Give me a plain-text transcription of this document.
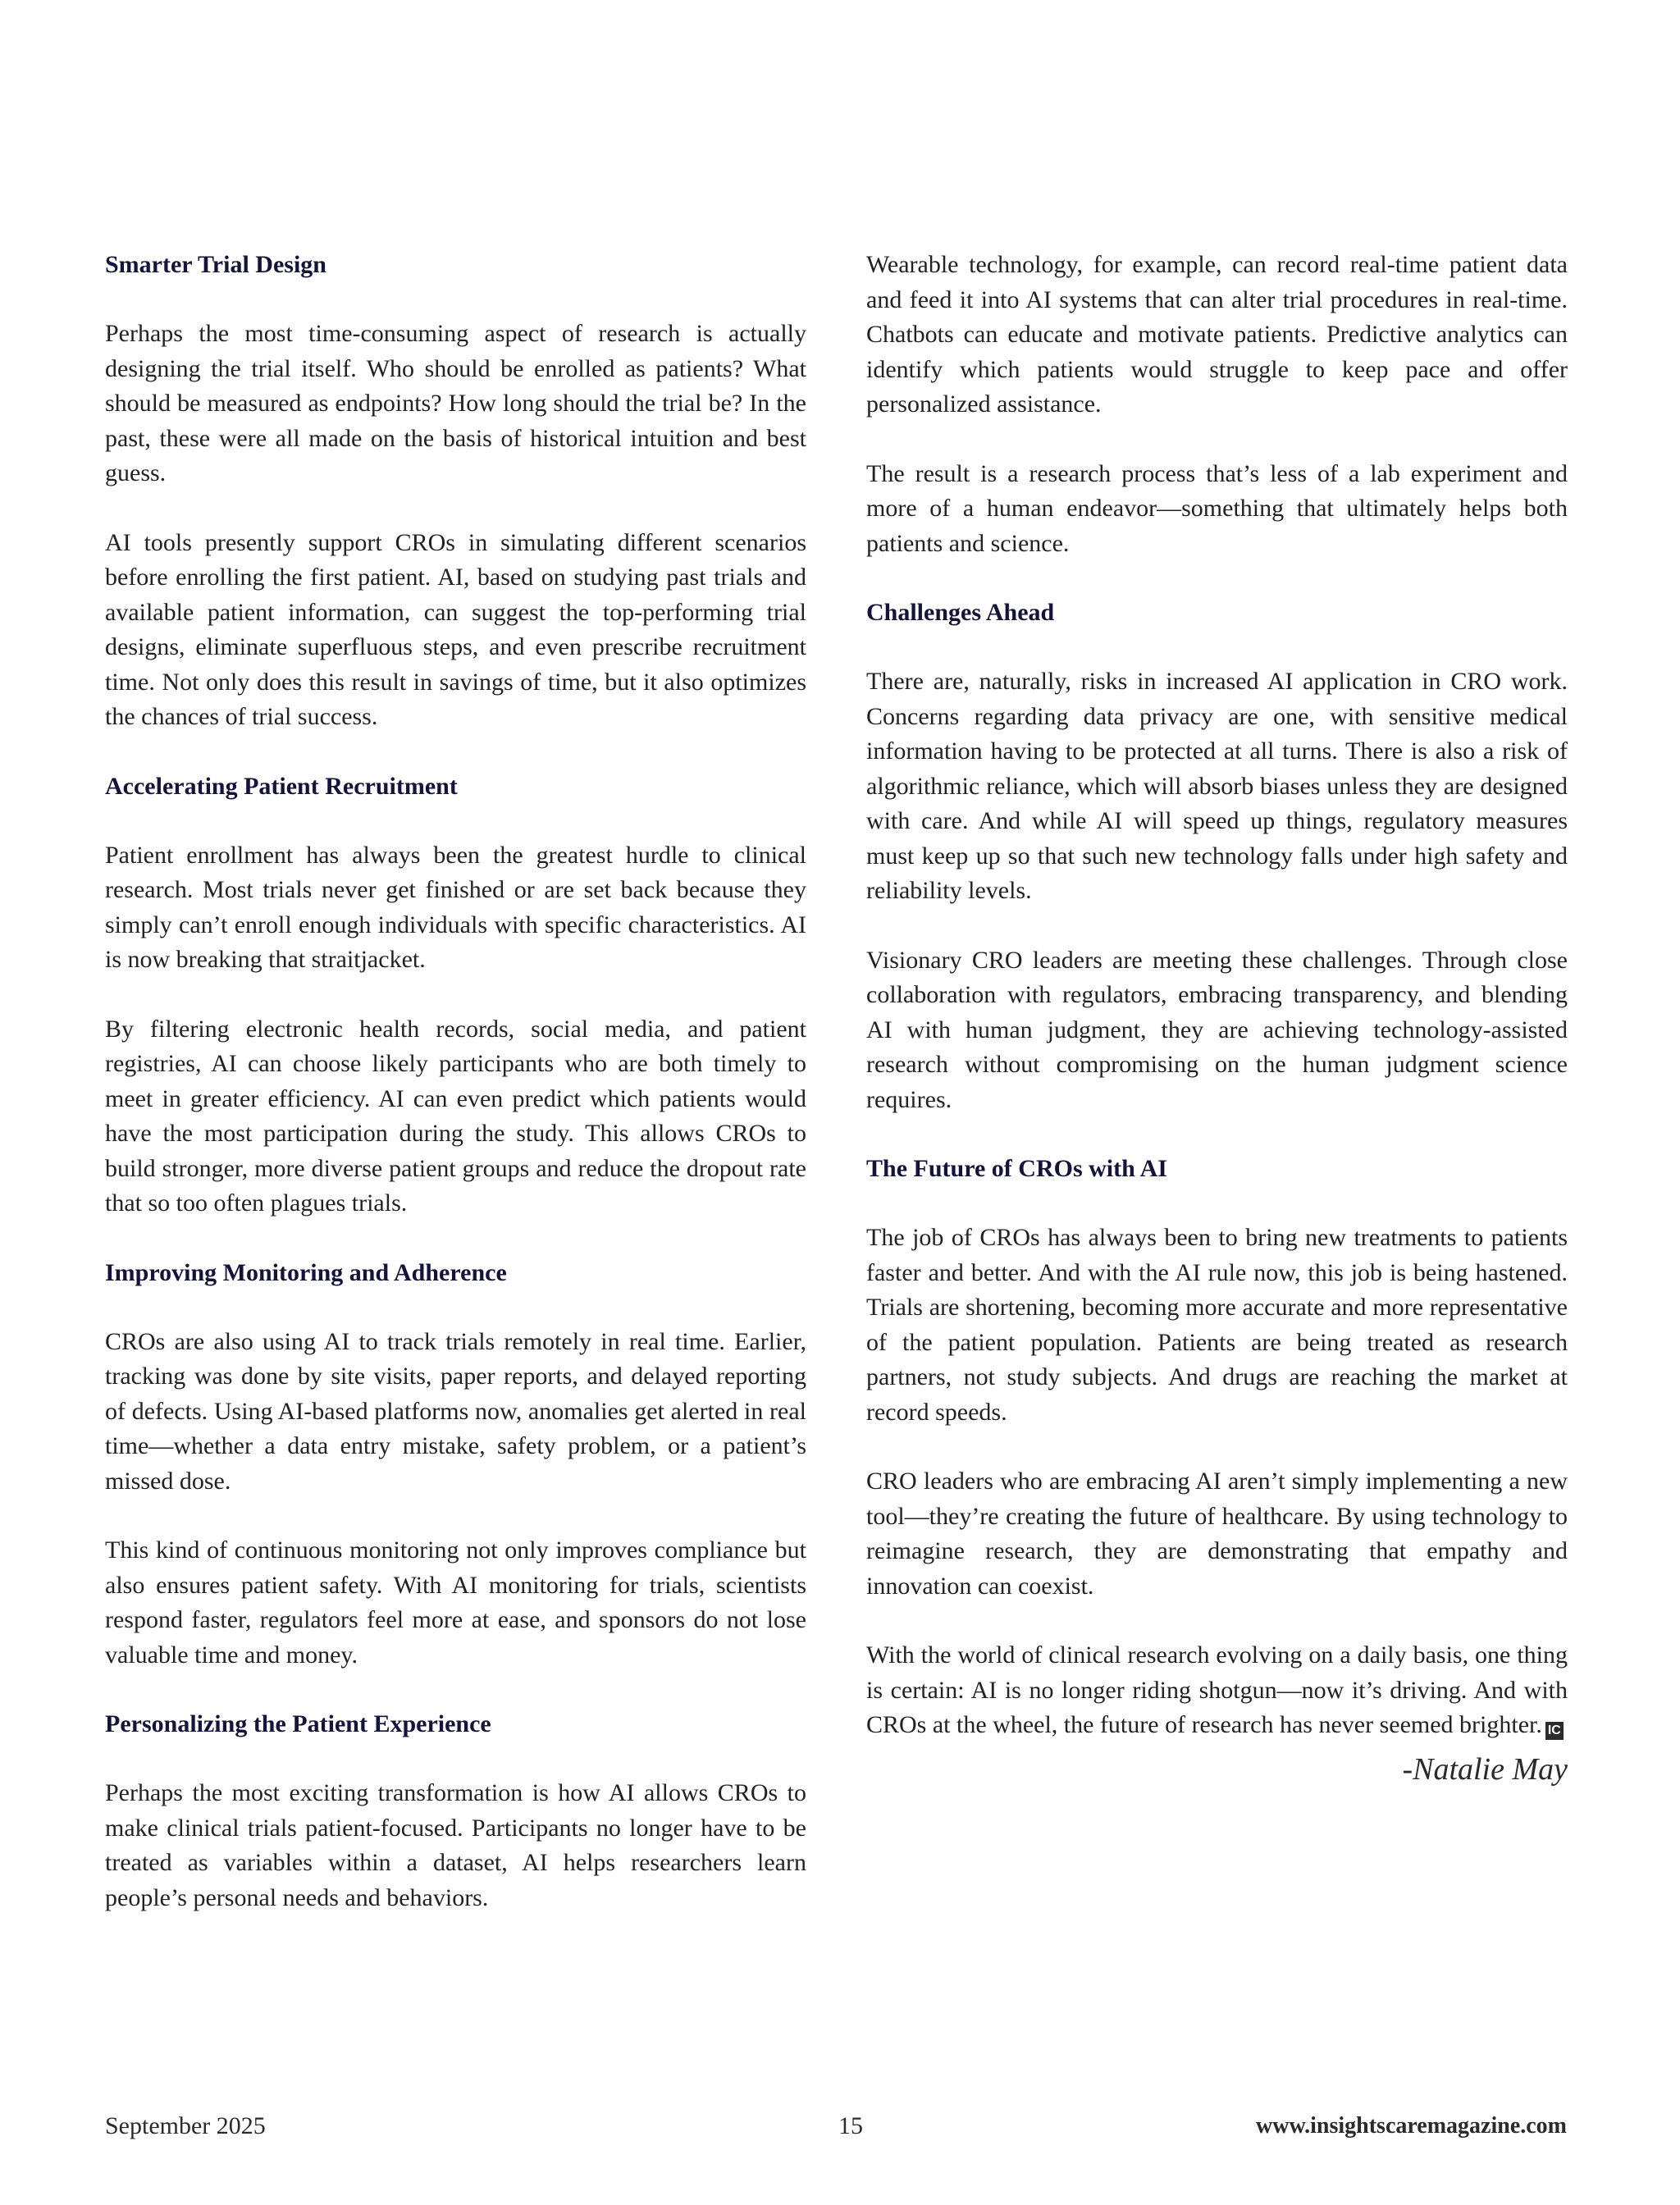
Smarter Trial Design

Perhaps the most time-consuming aspect of research is actually designing the trial itself. Who should be enrolled as patients? What should be measured as endpoints? How long should the trial be? In the past, these were all made on the basis of historical intuition and best guess.

AI tools presently support CROs in simulating different scenarios before enrolling the first patient. AI, based on studying past trials and available patient information, can suggest the top-performing trial designs, eliminate superfluous steps, and even prescribe recruitment time. Not only does this result in savings of time, but it also optimizes the chances of trial success.

Accelerating Patient Recruitment

Patient enrollment has always been the greatest hurdle to clinical research. Most trials never get finished or are set back because they simply can’t enroll enough individuals with specific characteristics. AI is now breaking that straitjacket.

By filtering electronic health records, social media, and patient registries, AI can choose likely participants who are both timely to meet in greater efficiency. AI can even predict which patients would have the most participation during the study. This allows CROs to build stronger, more diverse patient groups and reduce the dropout rate that so too often plagues trials.

Improving Monitoring and Adherence

CROs are also using AI to track trials remotely in real time. Earlier, tracking was done by site visits, paper reports, and delayed reporting of defects. Using AI-based platforms now, anomalies get alerted in real time—whether a data entry mistake, safety problem, or a patient’s missed dose.

This kind of continuous monitoring not only improves compliance but also ensures patient safety. With AI monitoring for trials, scientists respond faster, regulators feel more at ease, and sponsors do not lose valuable time and money.

Personalizing the Patient Experience

Perhaps the most exciting transformation is how AI allows CROs to make clinical trials patient-focused. Participants no longer have to be treated as variables within a dataset, AI helps researchers learn people’s personal needs and behaviors.

Wearable technology, for example, can record real-time patient data and feed it into AI systems that can alter trial procedures in real-time. Chatbots can educate and motivate patients. Predictive analytics can identify which patients would struggle to keep pace and offer personalized assistance.

The result is a research process that’s less of a lab experiment and more of a human endeavor—something that ultimately helps both patients and science.

Challenges Ahead

There are, naturally, risks in increased AI application in CRO work. Concerns regarding data privacy are one, with sensitive medical information having to be protected at all turns. There is also a risk of algorithmic reliance, which will absorb biases unless they are designed with care. And while AI will speed up things, regulatory measures must keep up so that such new technology falls under high safety and reliability levels.

Visionary CRO leaders are meeting these challenges. Through close collaboration with regulators, embracing transparency, and blending AI with human judgment, they are achieving technology-assisted research without compromising on the human judgment science requires.

The Future of CROs with AI

The job of CROs has always been to bring new treatments to patients faster and better. And with the AI rule now, this job is being hastened. Trials are shortening, becoming more accurate and more representative of the patient population. Patients are being treated as research partners, not study subjects. And drugs are reaching the market at record speeds.

CRO leaders who are embracing AI aren’t simply implementing a new tool—they’re creating the future of healthcare. By using technology to reimagine research, they are demonstrating that empathy and innovation can coexist.

With the world of clinical research evolving on a daily basis, one thing is certain: AI is no longer riding shotgun—now it’s driving. And with CROs at the wheel, the future of research has never seemed brighter. IC

-Natalie May
September 2025	15	www.insightscaremagazine.com
